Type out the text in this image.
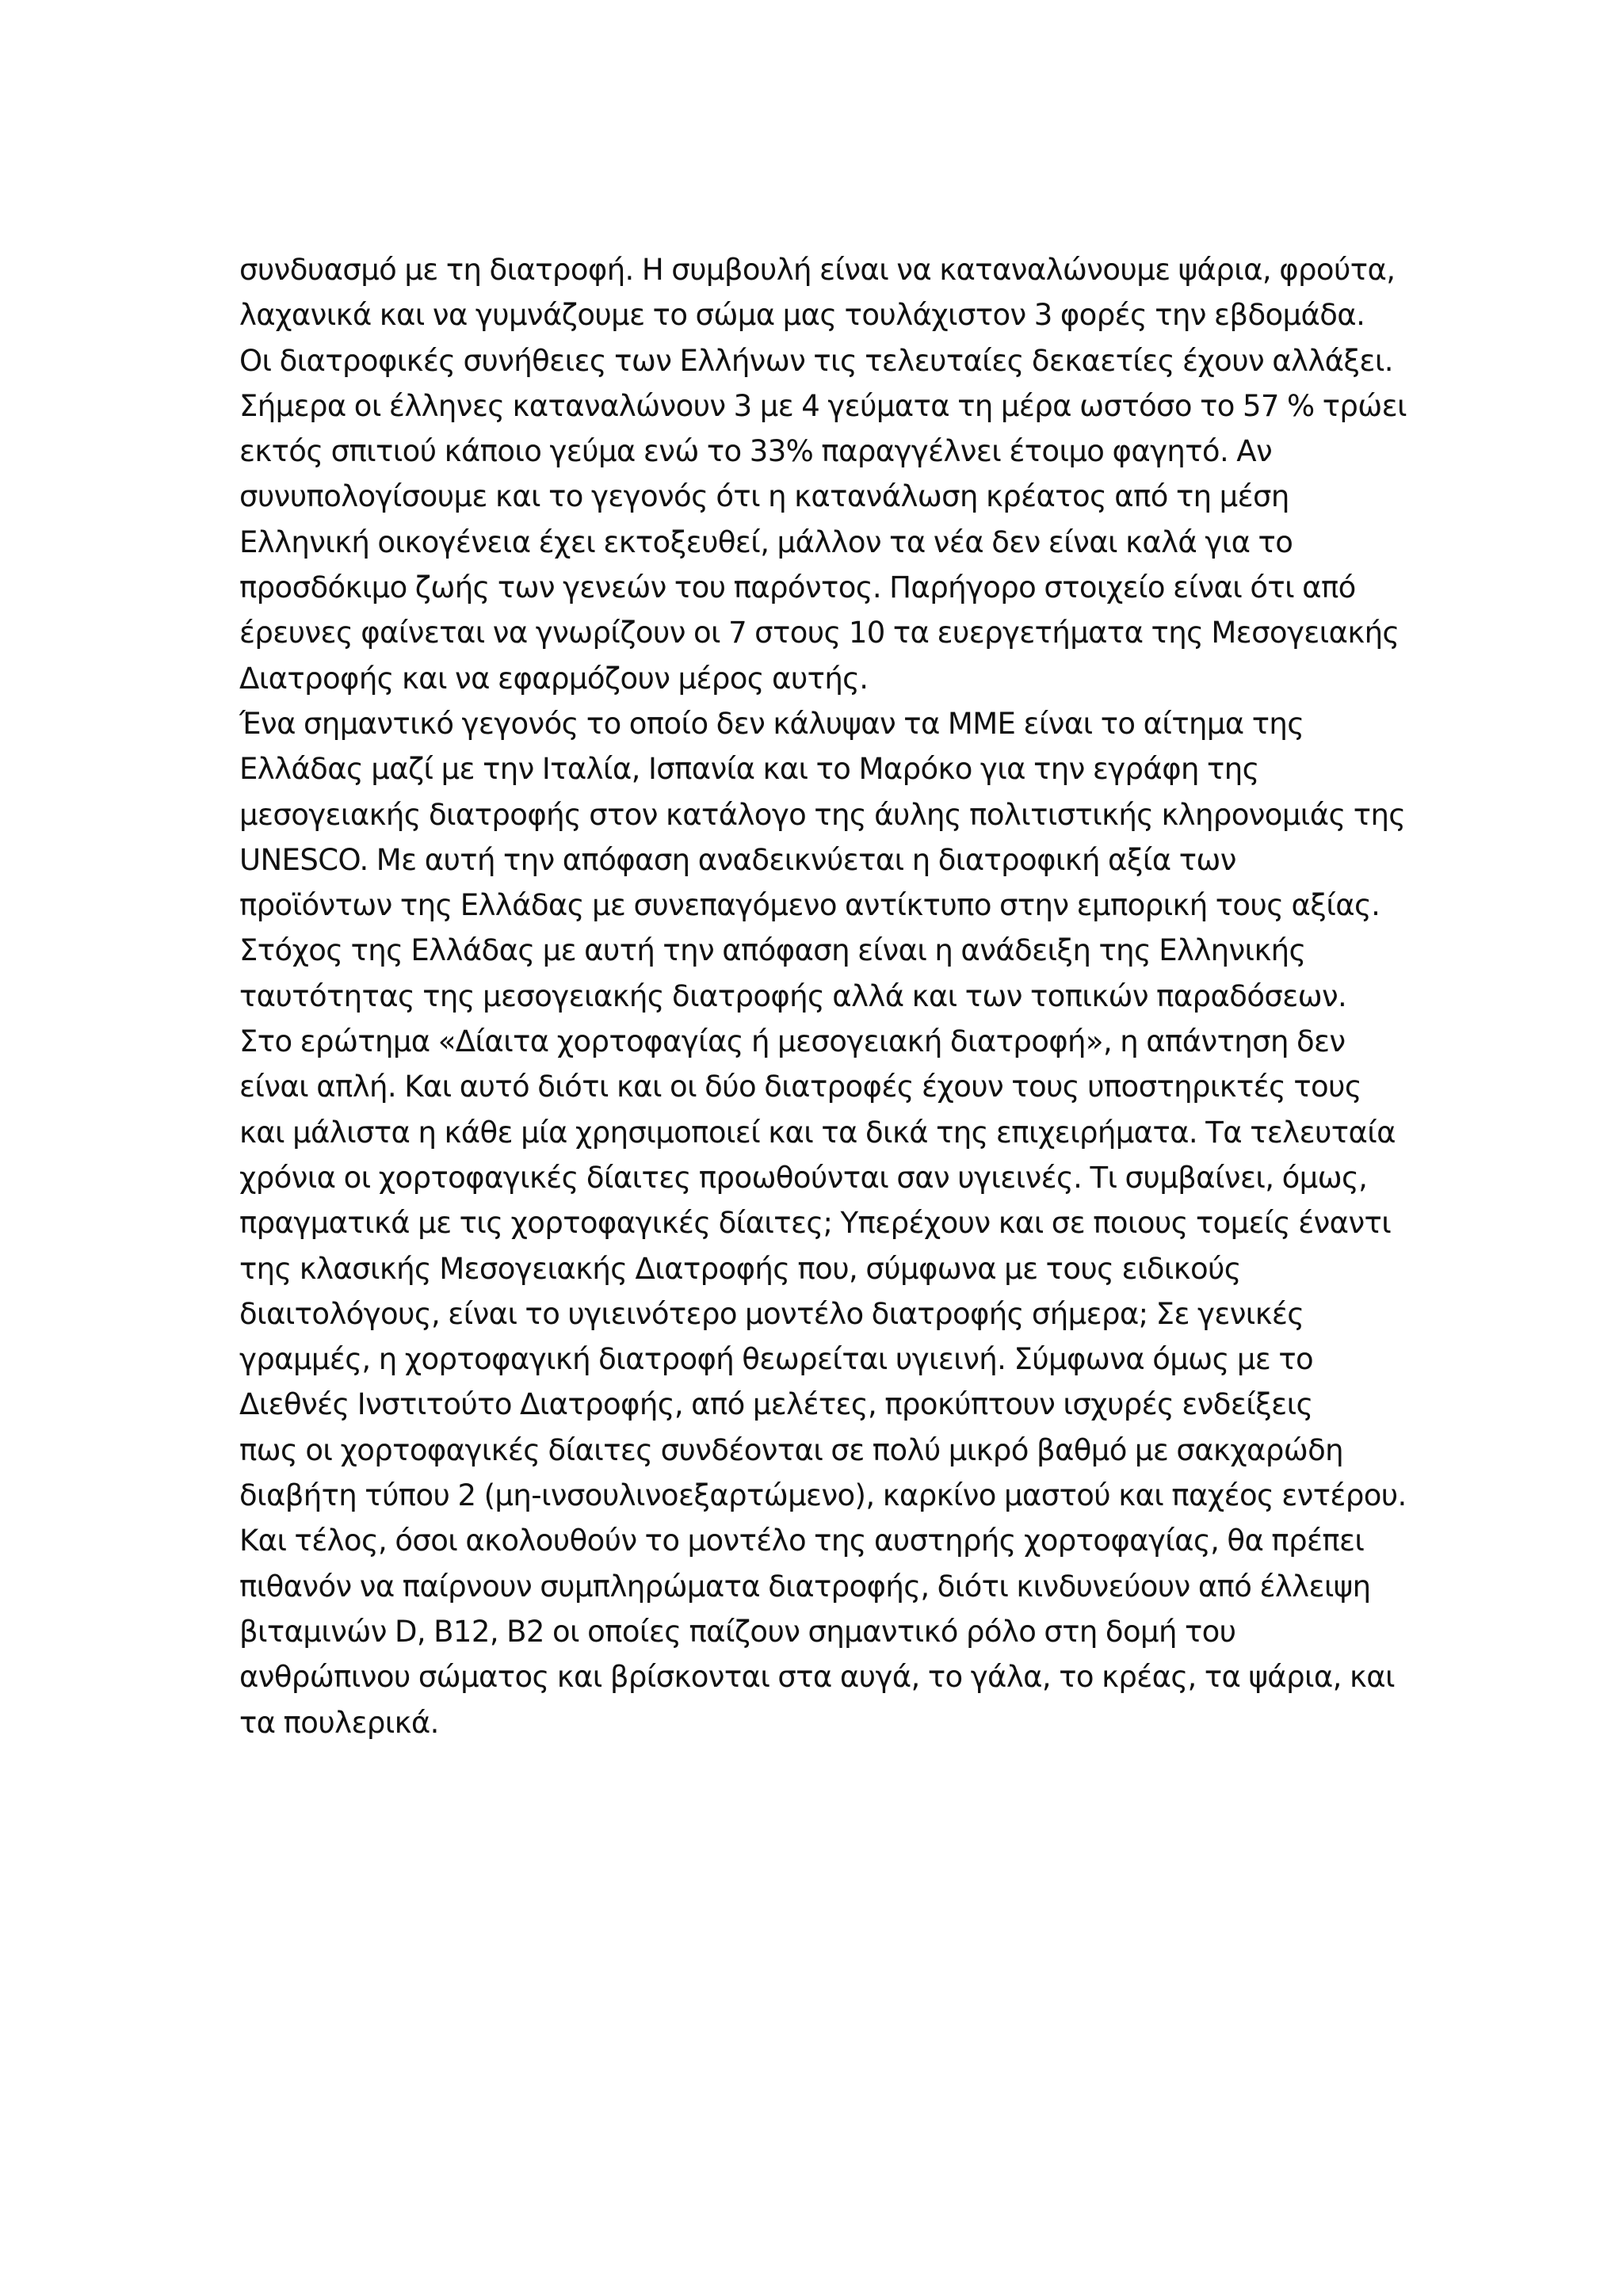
συνδυασμό με τη διατροφή. Η συμβουλή είναι να καταναλώνουμε ψάρια, φρούτα,
λαχανικά και να γυμνάζουμε το σώμα μας τουλάχιστον 3 φορές την εβδομάδα.
Οι διατροφικές συνήθειες των Ελλήνων τις τελευταίες δεκαετίες έχουν αλλάξει.
Σήμερα οι έλληνες καταναλώνουν 3 με 4 γεύματα τη μέρα ωστόσο το 57 % τρώει
εκτός σπιτιού κάποιο γεύμα ενώ το 33% παραγγέλνει έτοιμο φαγητό. Αν
συνυπολογίσουμε και το γεγονός ότι η κατανάλωση κρέατος από τη μέση
Ελληνική οικογένεια έχει εκτοξευθεί, μάλλον τα νέα δεν είναι καλά για το
προσδόκιμο ζωής των γενεών του παρόντος. Παρήγορο στοιχείο είναι ότι από
έρευνες φαίνεται να γνωρίζουν οι 7 στους 10 τα ευεργετήματα της Μεσογειακής
Διατροφής και να εφαρμόζουν μέρος αυτής.
Ένα σημαντικό γεγονός το οποίο δεν κάλυψαν τα ΜΜΕ είναι το αίτημα της
Ελλάδας μαζί με την Ιταλία, Ισπανία και το Μαρόκο για την εγράφη της
μεσογειακής διατροφής στον κατάλογο της άυλης πολιτιστικής κληρονομιάς της
UNESCO. Με αυτή την απόφαση αναδεικνύεται η διατροφική αξία των
προϊόντων της Ελλάδας με συνεπαγόμενο αντίκτυπο στην εμπορική τους αξίας.
Στόχος της Ελλάδας με αυτή την απόφαση είναι η ανάδειξη της Ελληνικής
ταυτότητας της μεσογειακής διατροφής αλλά και των τοπικών παραδόσεων.
Στο ερώτημα «Δίαιτα χορτοφαγίας ή μεσογειακή διατροφή», η απάντηση δεν
είναι απλή. Και αυτό διότι και οι δύο διατροφές έχουν τους υποστηρικτές τους
και μάλιστα η κάθε μία χρησιμοποιεί και τα δικά της επιχειρήματα. Τα τελευταία
χρόνια οι χορτοφαγικές δίαιτες προωθούνται σαν υγιεινές. Τι συμβαίνει, όμως,
πραγματικά με τις χορτοφαγικές δίαιτες; Υπερέχουν και σε ποιους τομείς έναντι
της κλασικής Μεσογειακής Διατροφής που, σύμφωνα με τους ειδικούς
διαιτολόγους, είναι το υγιεινότερο μοντέλο διατροφής σήμερα; Σε γενικές
γραμμές, η χορτοφαγική διατροφή θεωρείται υγιεινή. Σύμφωνα όμως με το
Διεθνές Ινστιτούτο Διατροφής, από μελέτες, προκύπτουν ισχυρές ενδείξεις
πως οι χορτοφαγικές δίαιτες συνδέονται σε πολύ μικρό βαθμό με σακχαρώδη
διαβήτη τύπου 2 (μη-ινσουλινοεξαρτώμενο), καρκίνο μαστού και παχέος εντέρου.
Και τέλος, όσοι ακολουθούν το μοντέλο της αυστηρής χορτοφαγίας, θα πρέπει
πιθανόν να παίρνουν συμπληρώματα διατροφής, διότι κινδυνεύουν από έλλειψη
βιταμινών D, B12, B2 οι οποίες παίζουν σημαντικό ρόλο στη δομή του
ανθρώπινου σώματος και βρίσκονται στα αυγά, το γάλα, το κρέας, τα ψάρια, και
τα πουλερικά.
